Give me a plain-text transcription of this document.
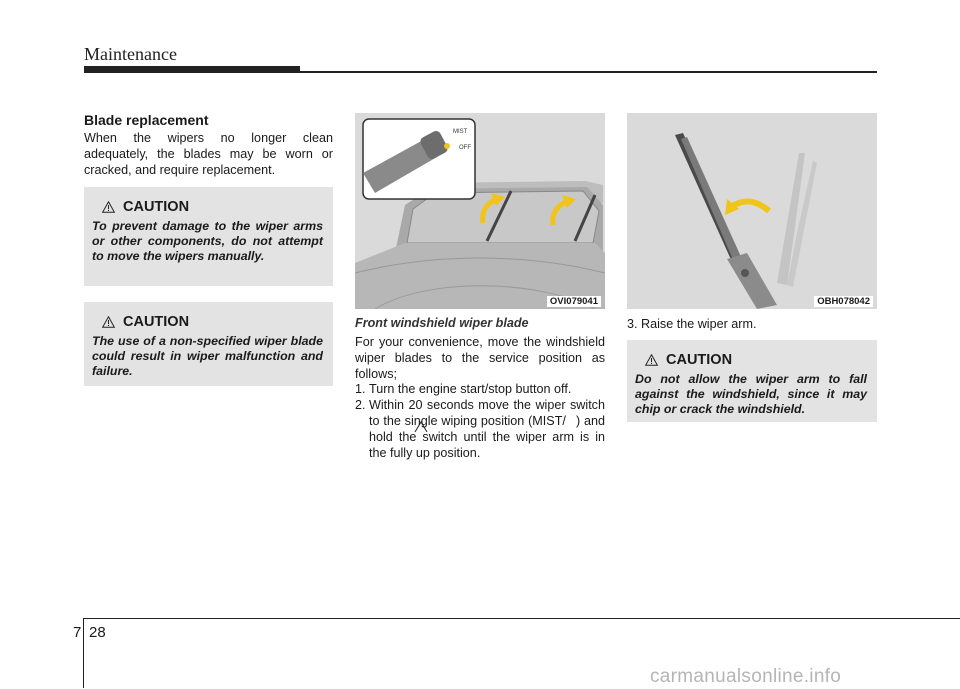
Maintenance
Blade replacement
When the wipers no longer clean adequately, the blades may be worn or cracked, and require replacement.
CAUTION
To prevent damage to the wiper arms or other components, do not attempt to move the wipers manually.
CAUTION
The use of a non-specified wiper blade could result in wiper malfunction and failure.
MIST
OFF
OVI079041
Front windshield wiper blade
For your convenience, move the windshield wiper blades to the service position as follows;
1. Turn the engine start/stop button off.
2. Within 20 seconds move the wiper switch to the single wiping position (MIST/    ) and hold the switch until the wiper arm is in the fully up position.
OBH078042
3. Raise the wiper arm.
CAUTION
Do not allow the wiper arm to fall against the windshield, since it may chip or crack the windshield.
7 28
carmanualsonline.info
